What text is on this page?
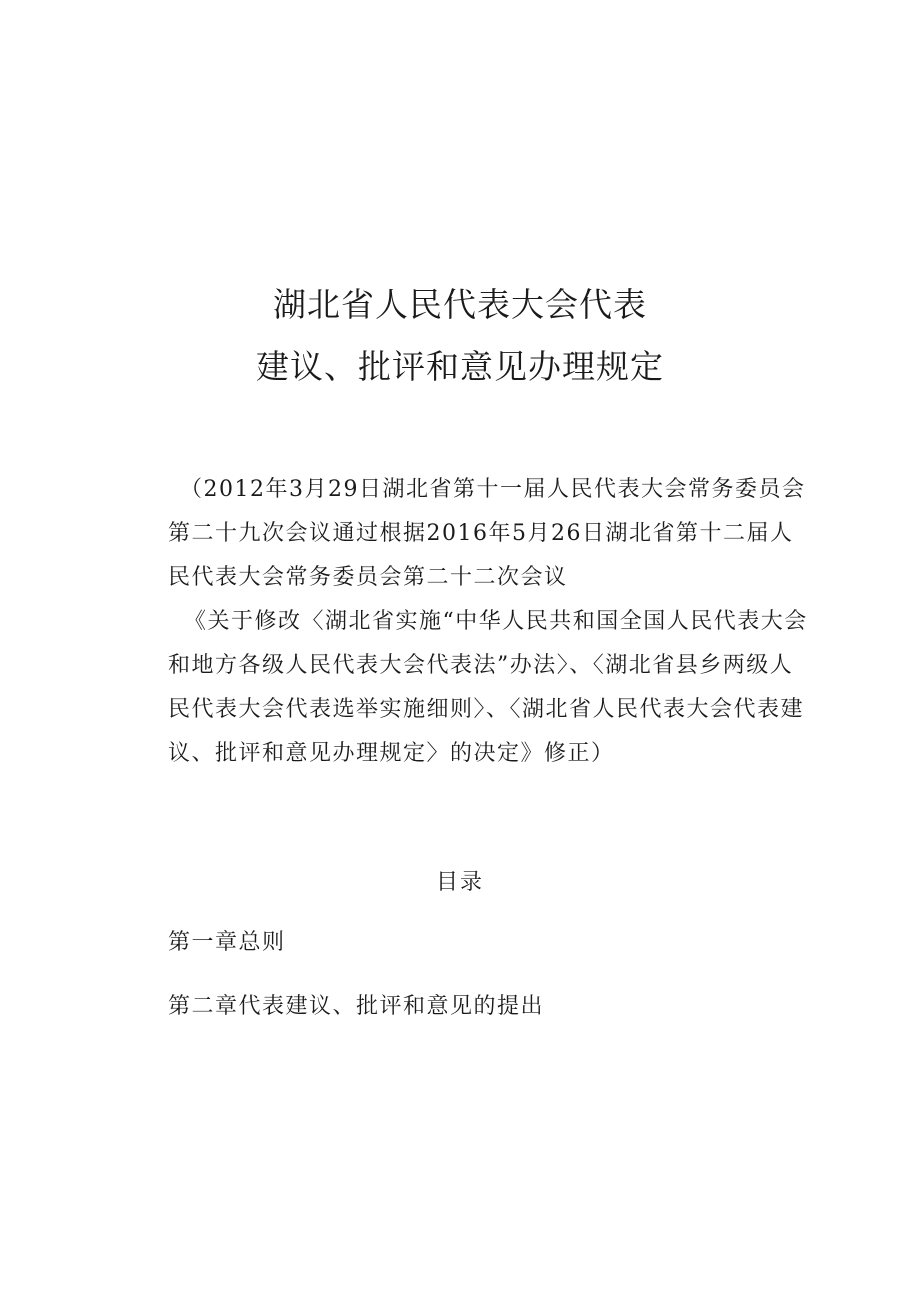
湖北省人民代表大会代表
建议、批评和意见办理规定

（2012年3月29日湖北省第十一届人民代表大会常务委员会第二十九次会议通过根据2016年5月26日湖北省第十二届人民代表大会常务委员会第二十二次会议

《关于修改〈湖北省实施“中华人民共和国全国人民代表大会和地方各级人民代表大会代表法”办法〉、〈湖北省县乡两级人民代表大会代表选举实施细则〉、〈湖北省人民代表大会代表建议、批评和意见办理规定〉的决定》修正）

目录
第一章总则
第二章代表建议、批评和意见的提出
